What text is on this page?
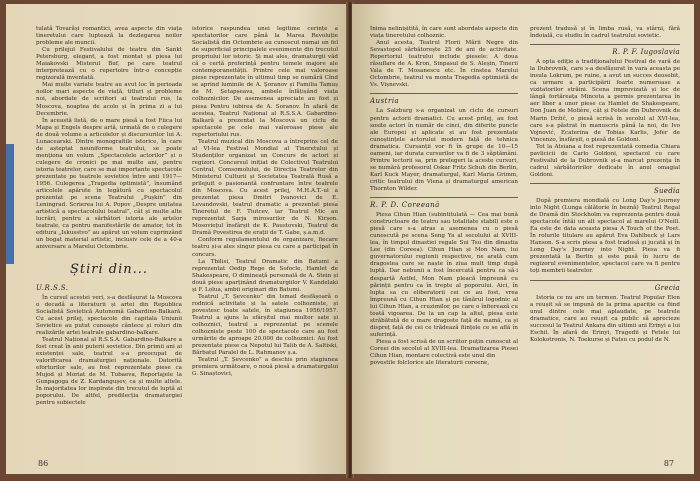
tulată Tovarăși romantici, avea aspecte din viața tineretului care luptează la dezlegarea noilor probleme ale muncii.

Cu prilejul Festivalului de teatru din Sankt Petersburg, elegant, a fost montat și piesa lui Maiakovski Misterul Buf, pe care teatrul interpretează cu o repertoire într-o concepție regizorală inventată.

Mai multe variate teatre au avut loc în perioada noilor mari aspecte de viață, titluri și probleme noi, abordate de scriitori ai teatrului rus, la Moscova, noaptea de acolo și în prima zi a lui Decembrie.

În această listă, de o mare piesă a fost Fiica lui Mapa și Engels despre artă, urmată de o culegere de două volume a articolelor și discursurilor lui A. Lunacearski. Dintre monografiile istorice, în care de așteptat neuniforme teatrului, se poate menționa un volum „Spectacolele actorilor” și o culegere de cronici pe mai multe ani, pentru istoria teatrelor, care se mai importante spectacole prezentate pe teatrele sovietice între anii 1917—1956. Culegerea „Tragedia optimistă”, însumând articolele apărute în legătură cu spectacolul prezentat pe scena Teatrului „Pușkin” din Leningrad. Scrierea lui A. Popov „Despre unitatea artistică a spectacolului teatral”, cât și multe alte lucrări, pentru a sărbători istoria ale artelor teatrale, ca pentru manifestările de amator, tot în editura „Iskusstvo” au apărut un volum cuprinzând un bogat material artistic, inclusiv cele de a 40-a aniversare a Marelui Octombrie.

Știri din...
U.R.S.S.

În cursul acestei veri, s-a desfășurat la Moscova o decadă a literaturii și artei din Republica Socialistă Sovietică Autonomă Gabardino-Balkară. Cu acest prilej, spectacole din capitala Uniunii Sovietice au putut cunoaște cântece și roluri din realizările artei teatrale gabardino-balkare.

Teatrul Național al R.S.S.A. Gabardino-Balkare a fost creat în anii puterii sovietice. Din primii ani ai existenței sale, teatrul s-a preocupat de valorificarea dramaturgiei naționale. Datorită eforturilor sale, au fost reprezentate piese ca Mujod și Moriat de M. Tubaeva, Reportajele la Gunpagoga de Z. Kardangușev, ca și multe altele. În majoritatea lor inspirate din trecutul de luptă al poporului. De altfel, predilecția dramaturgiei pentru subiectele

istorice raspundea unei legitime cerințe a spectatorilor care până la Marea Revoluție Socialistă din Octombrie au cunoscut numai un fel de superficial principalele evenimente din trecutul propriului lor istoric. Și mai ales, dramaturgii văd că o certă preferință pentru temele majore ale contemporaneității. Printre cele mai valoroase piese reprezentate în ultimul timp se numără Cînd se aprind luminile de A. Șoranov și Familia Tamuș de M. Șetapșeava, ambele înfățișând viața colhoznicilor. De asemenea apreciate au fost și piesa Pentru iubirea de A. Soranov. În afară de acestea, Teatrul Național al R.S.S.A. Gabardino-Balkară a prezentat la Moscova un ciclu de spectacole pe cele mai valoroase piese ale repertoriului rus.

Teatrul muzical din Moscova a întreprins cel de al VI-lea Festival Mondial al Tineretului și Studenților organizat un Concurs de actori și regizori. Concursul inițiat de Colectivul Teatrului Central, Comsomolului, de Direcția Teatrelor din Ministerul Culturii și Societatea Teatrală Rusă a prilejuit o pasionantă confruntare între teatrele din Moscova. Cu acest prilej, M.H.A.T.-ul a prezentat piesa Dmitri Ivanovici de E. Levandovski, teatrul dramatic a prezentat piesa Tineretul de F. Tiutcev, iar Teatrul Mic au reprezentat Sarja mirosurilor de N. Kirșon. Mosoviețul însfârșit de K. Paustovski, Teatrul de Dramă Povestirea de erații de T. Gabe, ș.a.m.d.

Conform regulamentului de organizare, fiecare teatru și-a ales singur piesa cu care a participat în concurs.

La Tbilisi, Teatrul Dramatic din Batumi a reprezentat Oedip Rege de Sofocle, Hamlet de Shakespeare, O dimineață personală de A. Stein și două piese aparținând dramaturgiilor V. Kandelaki și F. Lolua, ambii originari din Batumi.

Teatrul „T. Șevcenko” din Ismail desfășoară o rodnică activitate și la satele colhozniste, și povestesc toate satele, în stagiunea 1956/1957. Teatrul a ajuns la sfârșitul mai multor sate și colhoznici, teatrul a reprezentat pe scenele colhozniste peste 100 de spectacole care au fost urmărite de aproape 20.000 de colhoznici. Au fost prezentate piese ca Nepotul lui Talib de A. Saltiski, Bărbatul Paralel de L. Rahmanov ș.a.

Teatrul „T. Șevcenko” a deschis prin stagiunea premiera următoare, o nouă piesă a dramaturgului G. Sinaștovici,

86

Inima nelinișitită, în care sunt abordate aspecte din viața tineretului colhoznic.

Anul acesta, Teatrul Florii Mării Negre din Sevastopol sărbătorește 25 de ani de activitate. Repertoriul teatrului include piesele: A doua răsuflare de A. Kron, Sinpasul de S. Aleșin, Tinerii Vala de T. Mosanescu etc. În cinstea Marelui Octombrie, teatrul va monta Tragedia optimistă de Vs. Vișnevski.

Austria

La Salzburg s-a organizat un ciclu de cursuri pentru actorii dramatici. Cu acest prilej, au fost sosite actori în număr de cinci, din diferite puncte ale Europei și aplicate și au fost prezentate cunoștințele actorului modern față de tehnica dramatica. Cursanții vor fi în grupe de 10—15 oameni, iar durata cursurilor va fi de 3 săptămâni. Printre lectorii sa, prin prelegeri la aceste cursuri, se numără profesorul Oskar Fritz Schuh din Berlin, Karl Kuck Mayer, dramaturgul, Karl Maria Grimm, critic teatrului din Viena și dramaturgul american Thornton Wilder.

R. P. D. Coreeană

Piesa Cihun Hian (subintitulată — Cea mai bună constructoare de teatru sau totalitate stabil) este o piesă care s-a atras a asemenea cu o piesă cunoscută pe scena Seng Ya al secolului al XVIII-lea, în timpul dinastiei regale Sui Tsu din dinastia Lee (din Coreea). Cihun Hian și Mon Nam, lui guvernatorului regiunii respective, ne arată cum dragostea care se naște în ziua mult timp după luptă. Dar nebunii a fost încercată pentru ca să-i despartă Astfel, Mon Nam pleacă împreună cu părinții pentru ca în trepte al poporului. Aici, în lupta sa cu eliberatorii cei ce au fost, vrea împreună cu Cihun Hian și pe tânărul logodnic al lui Cihun Hian, a cruzimilor, pe care o înfierează cu toată vigoarea. De la un cap la altul, piesa este străbătută de o mare dragoste față de mamă, ca și dispreț față de cei ce trădează ființele ce se află în suferință.

Piesa a fost scrisă de un scriitor puțin cunoscut al Coreei din secolul al XVIII-lea. Dramatizarea Piesei Cihun Hian, montare colectivă este unul din

povestile folclorice ale literaturii coreene,

prezent tradusă și în limba rusă, va stârni, fără îndoială, cu studiu în cadrul teatrului sovietic.

R. P. F. Iugoslavia

A opta ediție a tradiționalului Festival de vară de la Dubrovnik, care s-a desfășurat în vara aceasta pe insula Lokrum, pe ruine, a avut un succes deosebit, ca urmare a participării foarte numeroase a vizitatorilor străini. Scena improvizată și loc de lângă fortăreața Minceta a permis prezentarea în aer liber a unor piese ca Hamlet de Shakespeare, Don Juan de Molière, cât și Fetele din Dubrovnik de Marin Držić, o piesă scrisă în secolul al XVI-lea, care s-a păstrat în manuscris până la noi, de Ivo Vojnović, Ecaterina de Tobias Karlis, Jofer de Vincenzo, însfârșit, o piesă de Goldoni.

Tot la Atsiana a fost reprezentată comedia Chiara pavlicicii de Carlo Goldoni, spectacol cu care Festivalul de la Dubrovnik și-a marcat prezența în cadrul sărbătoririlor dedicate în anul omagial Goldoni.

Suedia

După premiera mondială cu Long Day's Journey into Night (Lunga călătorie în beznă) Teatrul Regal de Dramă din Stockholm va reprezenta pentru două spectacole întâi un alt spectacol al marelui O'Neill. Ea este de data aceasta piesa A Touch of the Poet. În rolurile titulare au apărut Eva Dahlbeck și Lars Hanson. S-a scris piesa a fost tradusă și jucată și în Long Day's Journey into Night. Piesa va fi prezentată la Berlin și este pusă în lucru de regizorul evenimentelor, spectacol care va fi pentru toți membrii teatrelor.

Grecia

Istoria ce nu are un termen. Teatrul Popular Elen a reușit să se impună de la prima apariție ca fiind unul dintre cele mai aplaudate, pe teatrele dramatice, care au reușit ca public să aprecieze succesul la Teatrul Ankara din ultimii ani Erinyi a lui Eschil. În afară de Erinyi, Tragedii și Fetele lui Kolokotronis, N. Toekurse și Fatsu cu podul de N.

87
